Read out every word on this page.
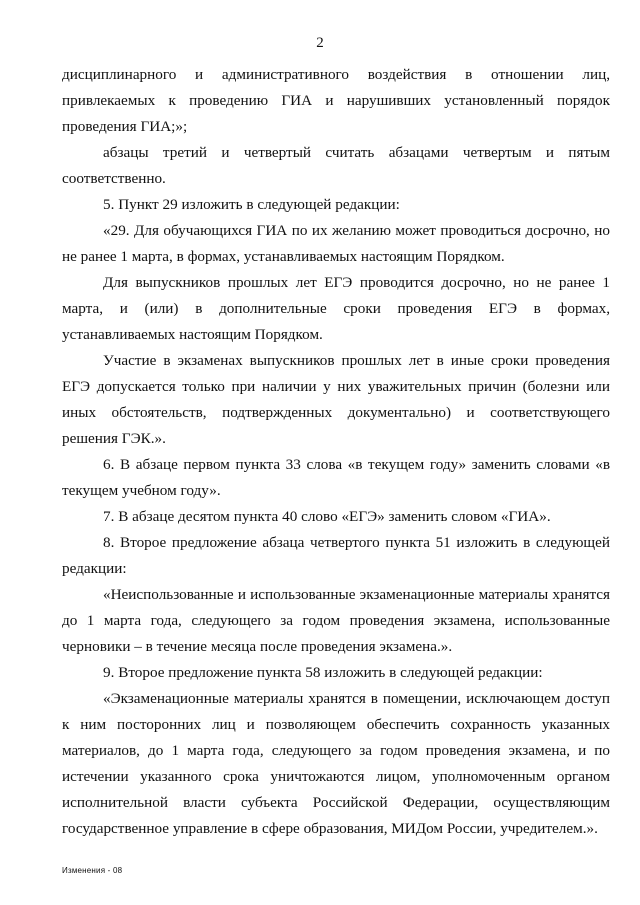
2

дисциплинарного и административного воздействия в отношении лиц, привлекаемых к проведению ГИА и нарушивших установленный порядок проведения ГИА;»;

абзацы третий и четвертый считать абзацами четвертым и пятым соответственно.

5. Пункт 29 изложить в следующей редакции:

«29. Для обучающихся ГИА по их желанию может проводиться досрочно, но не ранее 1 марта, в формах, устанавливаемых настоящим Порядком.

Для выпускников прошлых лет ЕГЭ проводится досрочно, но не ранее 1 марта, и (или) в дополнительные сроки проведения ЕГЭ в формах, устанавливаемых настоящим Порядком.

Участие в экзаменах выпускников прошлых лет в иные сроки проведения ЕГЭ допускается только при наличии у них уважительных причин (болезни или иных обстоятельств, подтвержденных документально) и соответствующего решения ГЭК.».

6. В абзаце первом пункта 33 слова «в текущем году» заменить словами «в текущем учебном году».

7. В абзаце десятом пункта 40 слово «ЕГЭ» заменить словом «ГИА».

8. Второе предложение абзаца четвертого пункта 51 изложить в следующей редакции:

«Неиспользованные и использованные экзаменационные материалы хранятся до 1 марта года, следующего за годом проведения экзамена, использованные черновики – в течение месяца после проведения экзамена.».

9. Второе предложение пункта 58 изложить в следующей редакции:

«Экзаменационные материалы хранятся в помещении, исключающем доступ к ним посторонних лиц и позволяющем обеспечить сохранность указанных материалов, до 1 марта года, следующего за годом проведения экзамена, и по истечении указанного срока уничтожаются лицом, уполномоченным органом исполнительной власти субъекта Российской Федерации, осуществляющим государственное управление в сфере образования, МИДом России, учредителем.».

Изменения - 08
